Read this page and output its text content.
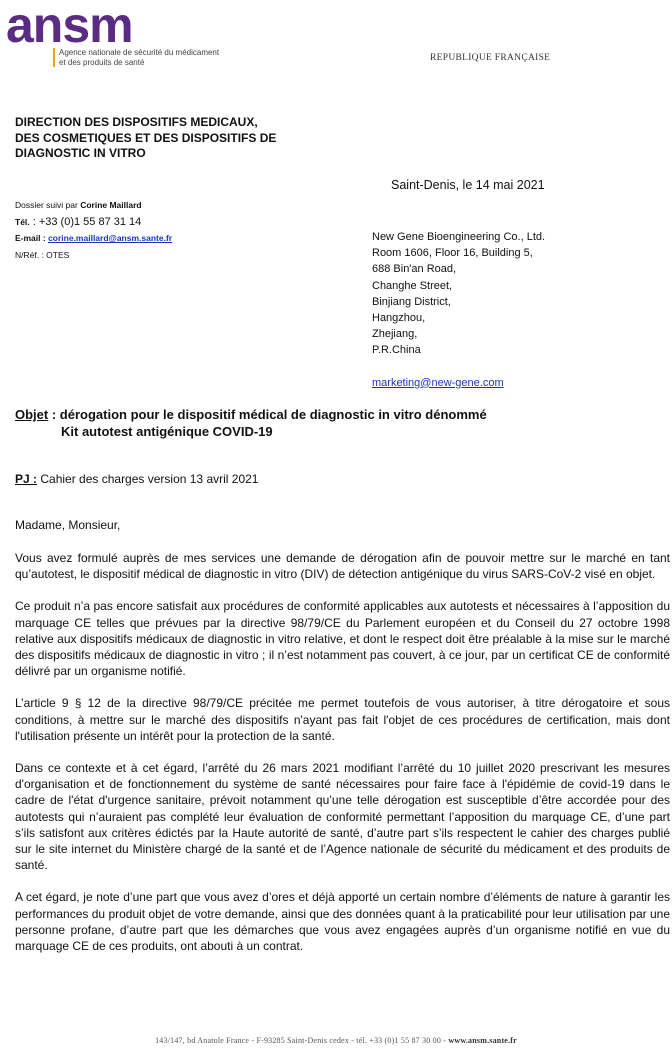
ansm
Agence nationale de sécurité du médicament
et des produits de santé	REPUBLIQUE FRANÇAISE
DIRECTION DES DISPOSITIFS MEDICAUX,
DES COSMETIQUES ET DES DISPOSITIFS DE
DIAGNOSTIC IN VITRO
Saint-Denis, le 14 mai 2021
Dossier suivi par Corine Maillard
Tél. : +33 (0)1 55 87 31 14
E-mail : corine.maillard@ansm.sante.fr
N/Réf. : OTES
New Gene Bioengineering Co., Ltd.
Room 1606, Floor 16, Building 5,
688 Bin'an Road,
Changhe Street,
Binjiang District,
Hangzhou,
Zhejiang,
P.R.China
marketing@new-gene.com
Objet : dérogation pour le dispositif médical de diagnostic in vitro dénommé
Kit autotest antigénique COVID-19
PJ : Cahier des charges version 13 avril 2021
Madame, Monsieur,

Vous avez formulé auprès de mes services une demande de dérogation afin de pouvoir mettre sur le marché en tant qu’autotest, le dispositif médical de diagnostic in vitro (DIV) de détection antigénique du virus SARS-CoV-2 visé en objet.

Ce produit n’a pas encore satisfait aux procédures de conformité applicables aux autotests et nécessaires à l’apposition du marquage CE telles que prévues par la directive 98/79/CE du Parlement européen et du Conseil du 27 octobre 1998 relative aux dispositifs médicaux de diagnostic in vitro relative, et dont le respect doit être préalable à la mise sur le marché des dispositifs médicaux de diagnostic in vitro ; il n’est notamment pas couvert, à ce jour, par un certificat CE de conformité délivré par un organisme notifié.

L’article 9 § 12 de la directive 98/79/CE précitée me permet toutefois de vous autoriser, à titre dérogatoire et sous conditions, à mettre sur le marché des dispositifs n'ayant pas fait l'objet de ces procédures de certification, mais dont l'utilisation présente un intérêt pour la protection de la santé.

Dans ce contexte et à cet égard, l’arrêté du 26 mars 2021 modifiant l’arrêté du 10 juillet 2020 prescrivant les mesures d'organisation et de fonctionnement du système de santé nécessaires pour faire face à l'épidémie de covid-19 dans le cadre de l'état d'urgence sanitaire, prévoit notamment qu’une telle dérogation est susceptible d’être accordée pour des autotests qui n’auraient pas complété leur évaluation de conformité permettant l’apposition du marquage CE, d’une part s’ils satisfont aux critères édictés par la Haute autorité de santé, d’autre part s’ils respectent le cahier des charges publié sur le site internet du Ministère chargé de la santé et de l’Agence nationale de sécurité du médicament et des produits de santé.

A cet égard, je note d’une part que vous avez d’ores et déjà apporté un certain nombre d’éléments de nature à garantir les performances du produit objet de votre demande, ainsi que des données quant à la praticabilité pour leur utilisation par une personne profane, d’autre part que les démarches que vous avez engagées auprès d’un organisme notifié en vue du marquage CE de ces produits, ont abouti à un contrat.

143/147, bd Anatole France - F-93285 Saint-Denis cedex - tél. +33 (0)1 55 87 30 00 - www.ansm.sante.fr
